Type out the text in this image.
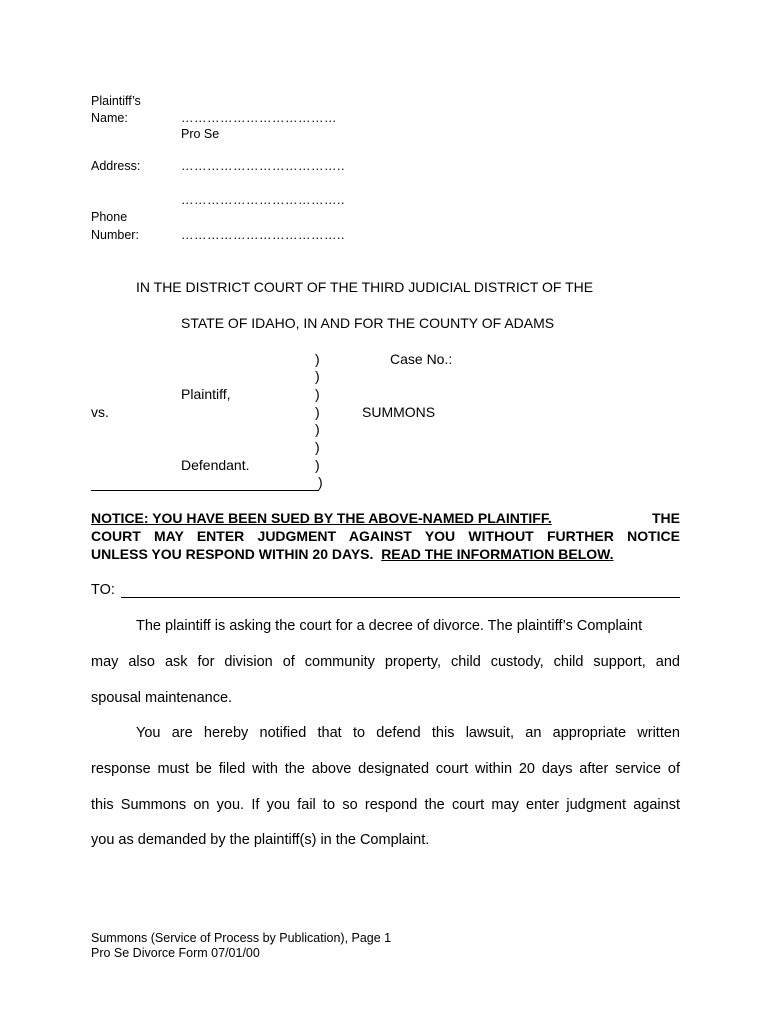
Plaintiff’s
Name:	………………………………
Pro Se
Address:	………………………………..
………………………………..
Phone
Number:	………………………………..
IN THE DISTRICT COURT OF THE THIRD JUDICIAL DISTRICT OF THE
STATE OF IDAHO, IN AND FOR THE COUNTY OF ADAMS
)	Case No.:
)
Plaintiff,	)
vs.	)	SUMMONS
)
)
Defendant.	)
)
NOTICE: YOU HAVE BEEN SUED BY THE ABOVE-NAMED PLAINTIFF.	THE
COURT MAY ENTER JUDGMENT AGAINST YOU WITHOUT FURTHER NOTICE
UNLESS YOU RESPOND WITHIN 20 DAYS. READ THE INFORMATION BELOW.
TO:
The plaintiff is asking the court for a decree of divorce. The plaintiff’s Complaint
may also ask for division of community property, child custody, child support, and
spousal maintenance.
You are hereby notified that to defend this lawsuit, an appropriate written
response must be filed with the above designated court within 20 days after service of
this Summons on you. If you fail to so respond the court may enter judgment against
you as demanded by the plaintiff(s) in the Complaint.
Summons (Service of Process by Publication), Page 1
Pro Se Divorce Form 07/01/00
